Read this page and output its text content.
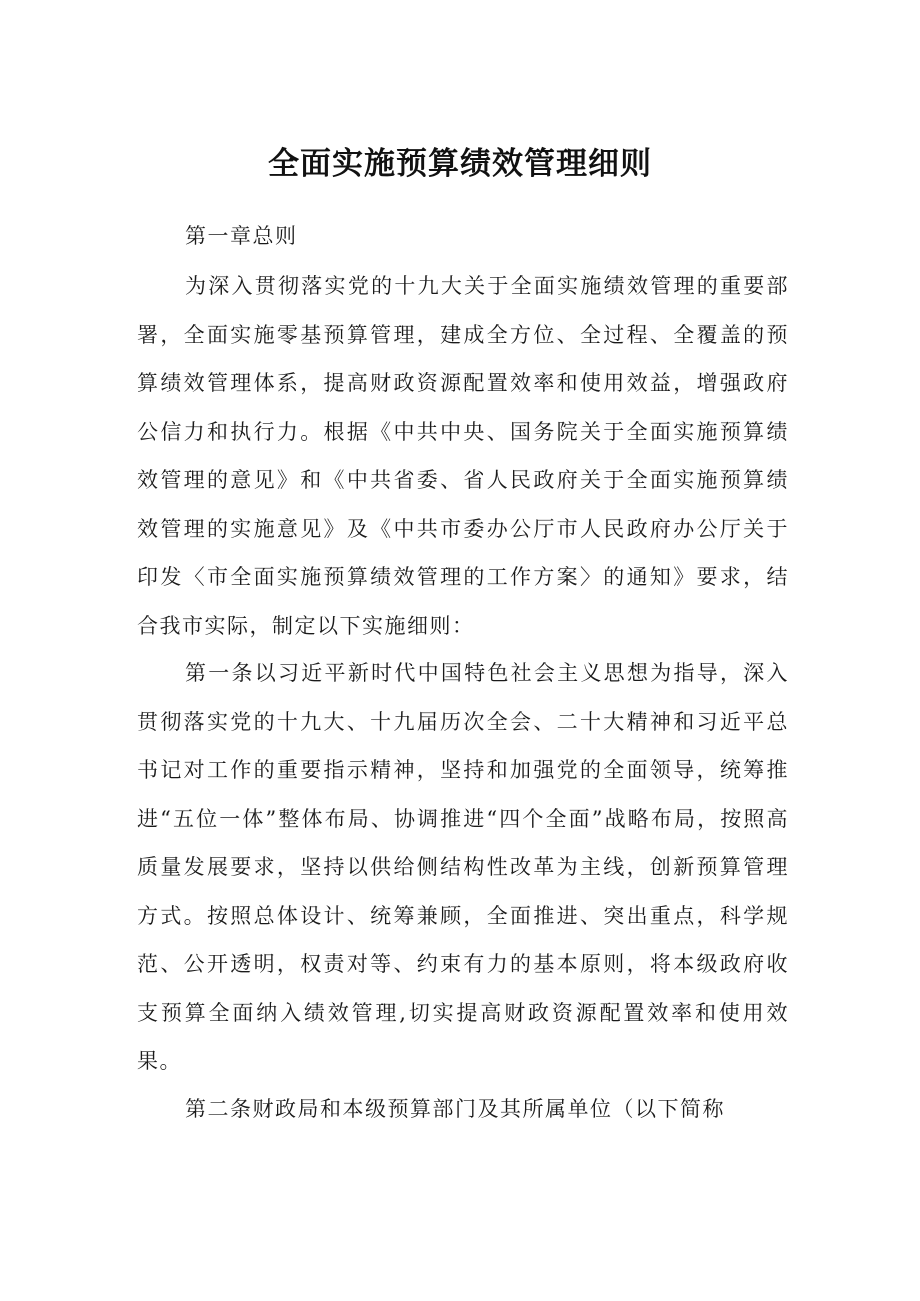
全面实施预算绩效管理细则

第一章总则

为深入贯彻落实党的十九大关于全面实施绩效管理的重要部署，全面实施零基预算管理，建成全方位、全过程、全覆盖的预算绩效管理体系，提高财政资源配置效率和使用效益，增强政府公信力和执行力。根据《中共中央、国务院关于全面实施预算绩效管理的意见》和《中共省委、省人民政府关于全面实施预算绩效管理的实施意见》及《中共市委办公厅市人民政府办公厅关于印发〈市全面实施预算绩效管理的工作方案〉的通知》要求，结合我市实际，制定以下实施细则：

第一条以习近平新时代中国特色社会主义思想为指导，深入贯彻落实党的十九大、十九届历次全会、二十大精神和习近平总书记对工作的重要指示精神，坚持和加强党的全面领导，统筹推进“五位一体”整体布局、协调推进“四个全面”战略布局，按照高质量发展要求，坚持以供给侧结构性改革为主线，创新预算管理方式。按照总体设计、统筹兼顾，全面推进、突出重点，科学规范、公开透明，权责对等、约束有力的基本原则，将本级政府收支预算全面纳入绩效管理,切实提高财政资源配置效率和使用效果。

第二条财政局和本级预算部门及其所属单位（以下简称
